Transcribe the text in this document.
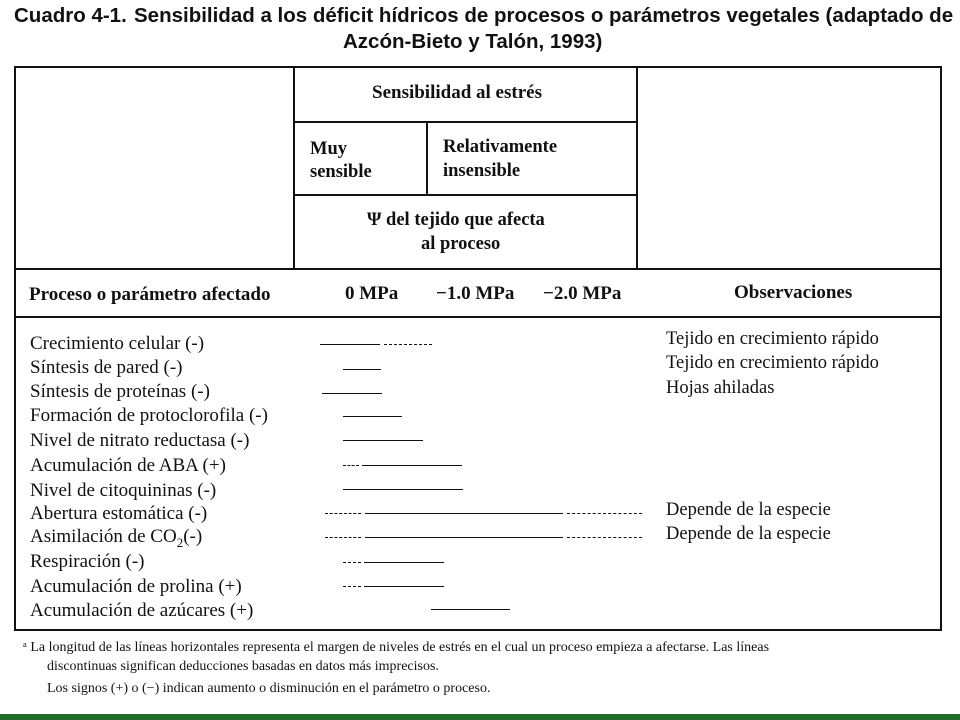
Cuadro 4-1. Sensibilidad a los déficit hídricos de procesos o parámetros vegetales (adaptado de
Azcón-Bieto y Talón, 1993)
Sensibilidad al estrés
Muy
sensible
Relativamente
insensible
Ψ del tejido que afecta
al proceso
Proceso o parámetro afectado	0 MPa −1.0 MPa −2.0 MPa	Observaciones
Crecimiento celular (-)
Síntesis de pared (-)
Síntesis de proteínas (-)
Formación de protoclorofila (-)
Nivel de nitrato reductasa (-)
Acumulación de ABA (+)
Nivel de citoquininas (-)
Abertura estomática (-)
Asimilación de $CO_2(-)$
Respiración (-)
Acumulación de prolina (+)
Acumulación de azúcares (+)
Tejido en crecimiento rápido
Tejido en crecimiento rápido
Hojas ahiladas
Depende de la especie
Depende de la especie
ᵃ La longitud de las líneas horizontales representa el margen de niveles de estrés en el cual un proceso empieza a afectarse. Las líneas
discontinuas significan deducciones basadas en datos más imprecisos.
Los signos (+) o (−) indican aumento o disminución en el parámetro o proceso.
